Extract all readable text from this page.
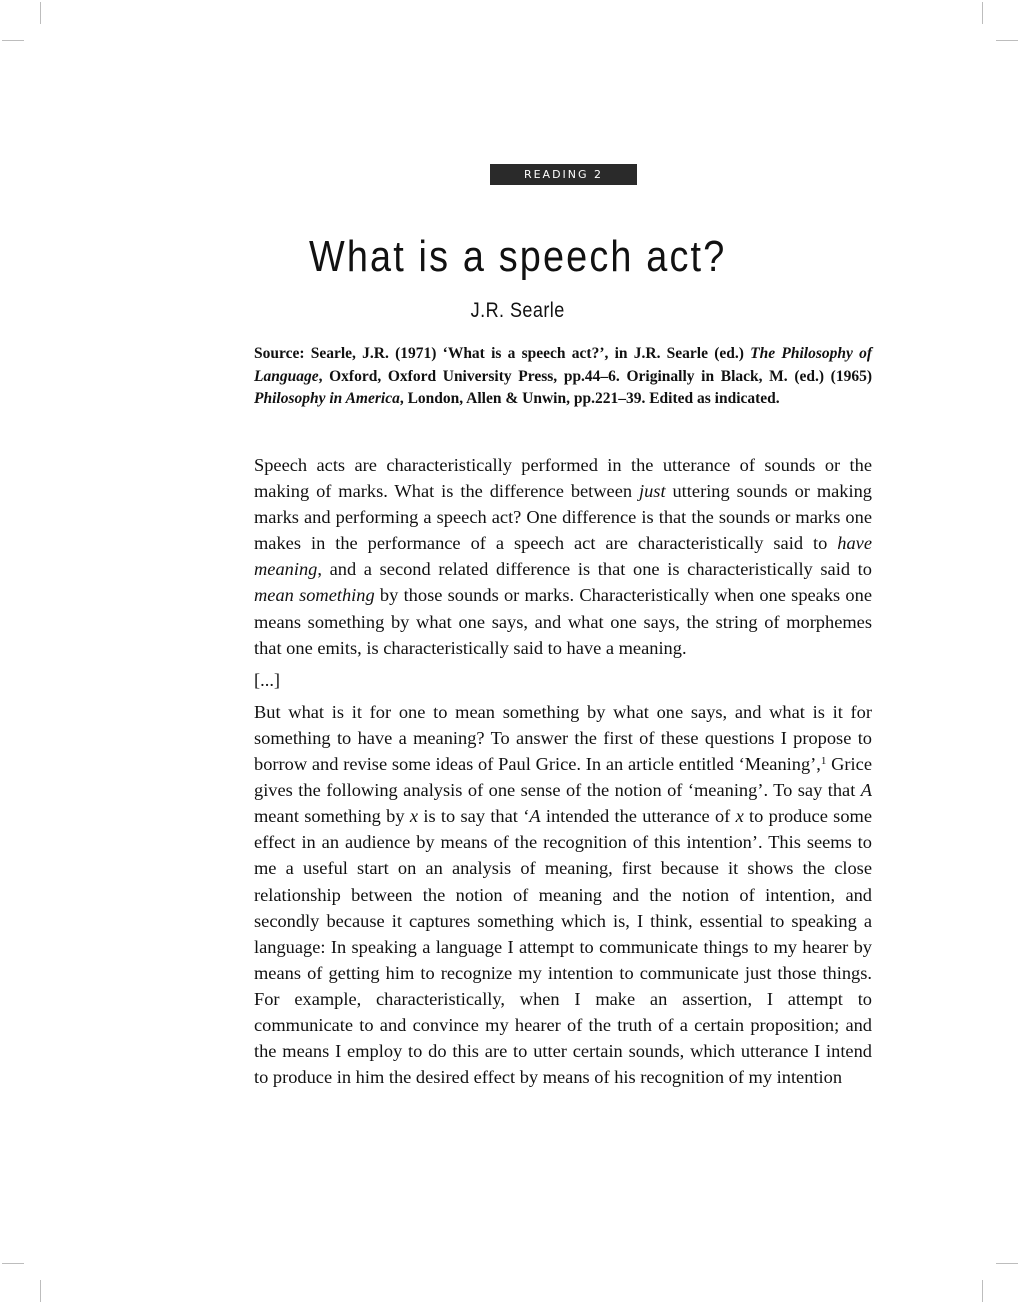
READING 2
What is a speech act?
J.R. Searle
Source: Searle, J.R. (1971) ‘What is a speech act?’, in J.R. Searle (ed.) The Philosophy of Language, Oxford, Oxford University Press, pp.44–6. Originally in Black, M. (ed.) (1965) Philosophy in America, London, Allen & Unwin, pp.221–39. Edited as indicated.

Speech acts are characteristically performed in the utterance of sounds or the making of marks. What is the difference between just uttering sounds or making marks and performing a speech act? One difference is that the sounds or marks one makes in the performance of a speech act are characteristically said to have meaning, and a second related difference is that one is characteristically said to mean something by those sounds or marks. Characteristically when one speaks one means something by what one says, and what one says, the string of morphemes that one emits, is characteristically said to have a meaning.

[...]

But what is it for one to mean something by what one says, and what is it for something to have a meaning? To answer the first of these questions I propose to borrow and revise some ideas of Paul Grice. In an article entitled ‘Meaning’,$^1$ Grice gives the following analysis of one sense of the notion of ‘meaning’. To say that A meant something by x is to say that ‘A intended the utterance of x to produce some effect in an audience by means of the recognition of this intention’. This seems to me a useful start on an analysis of meaning, first because it shows the close relationship between the notion of meaning and the notion of intention, and secondly because it captures something which is, I think, essential to speaking a language: In speaking a language I attempt to communicate things to my hearer by means of getting him to recognize my intention to communicate just those things. For example, characteristically, when I make an assertion, I attempt to communicate to and convince my hearer of the truth of a certain proposition; and the means I employ to do this are to utter certain sounds, which utterance I intend to produce in him the desired effect by means of his recognition of my intention
